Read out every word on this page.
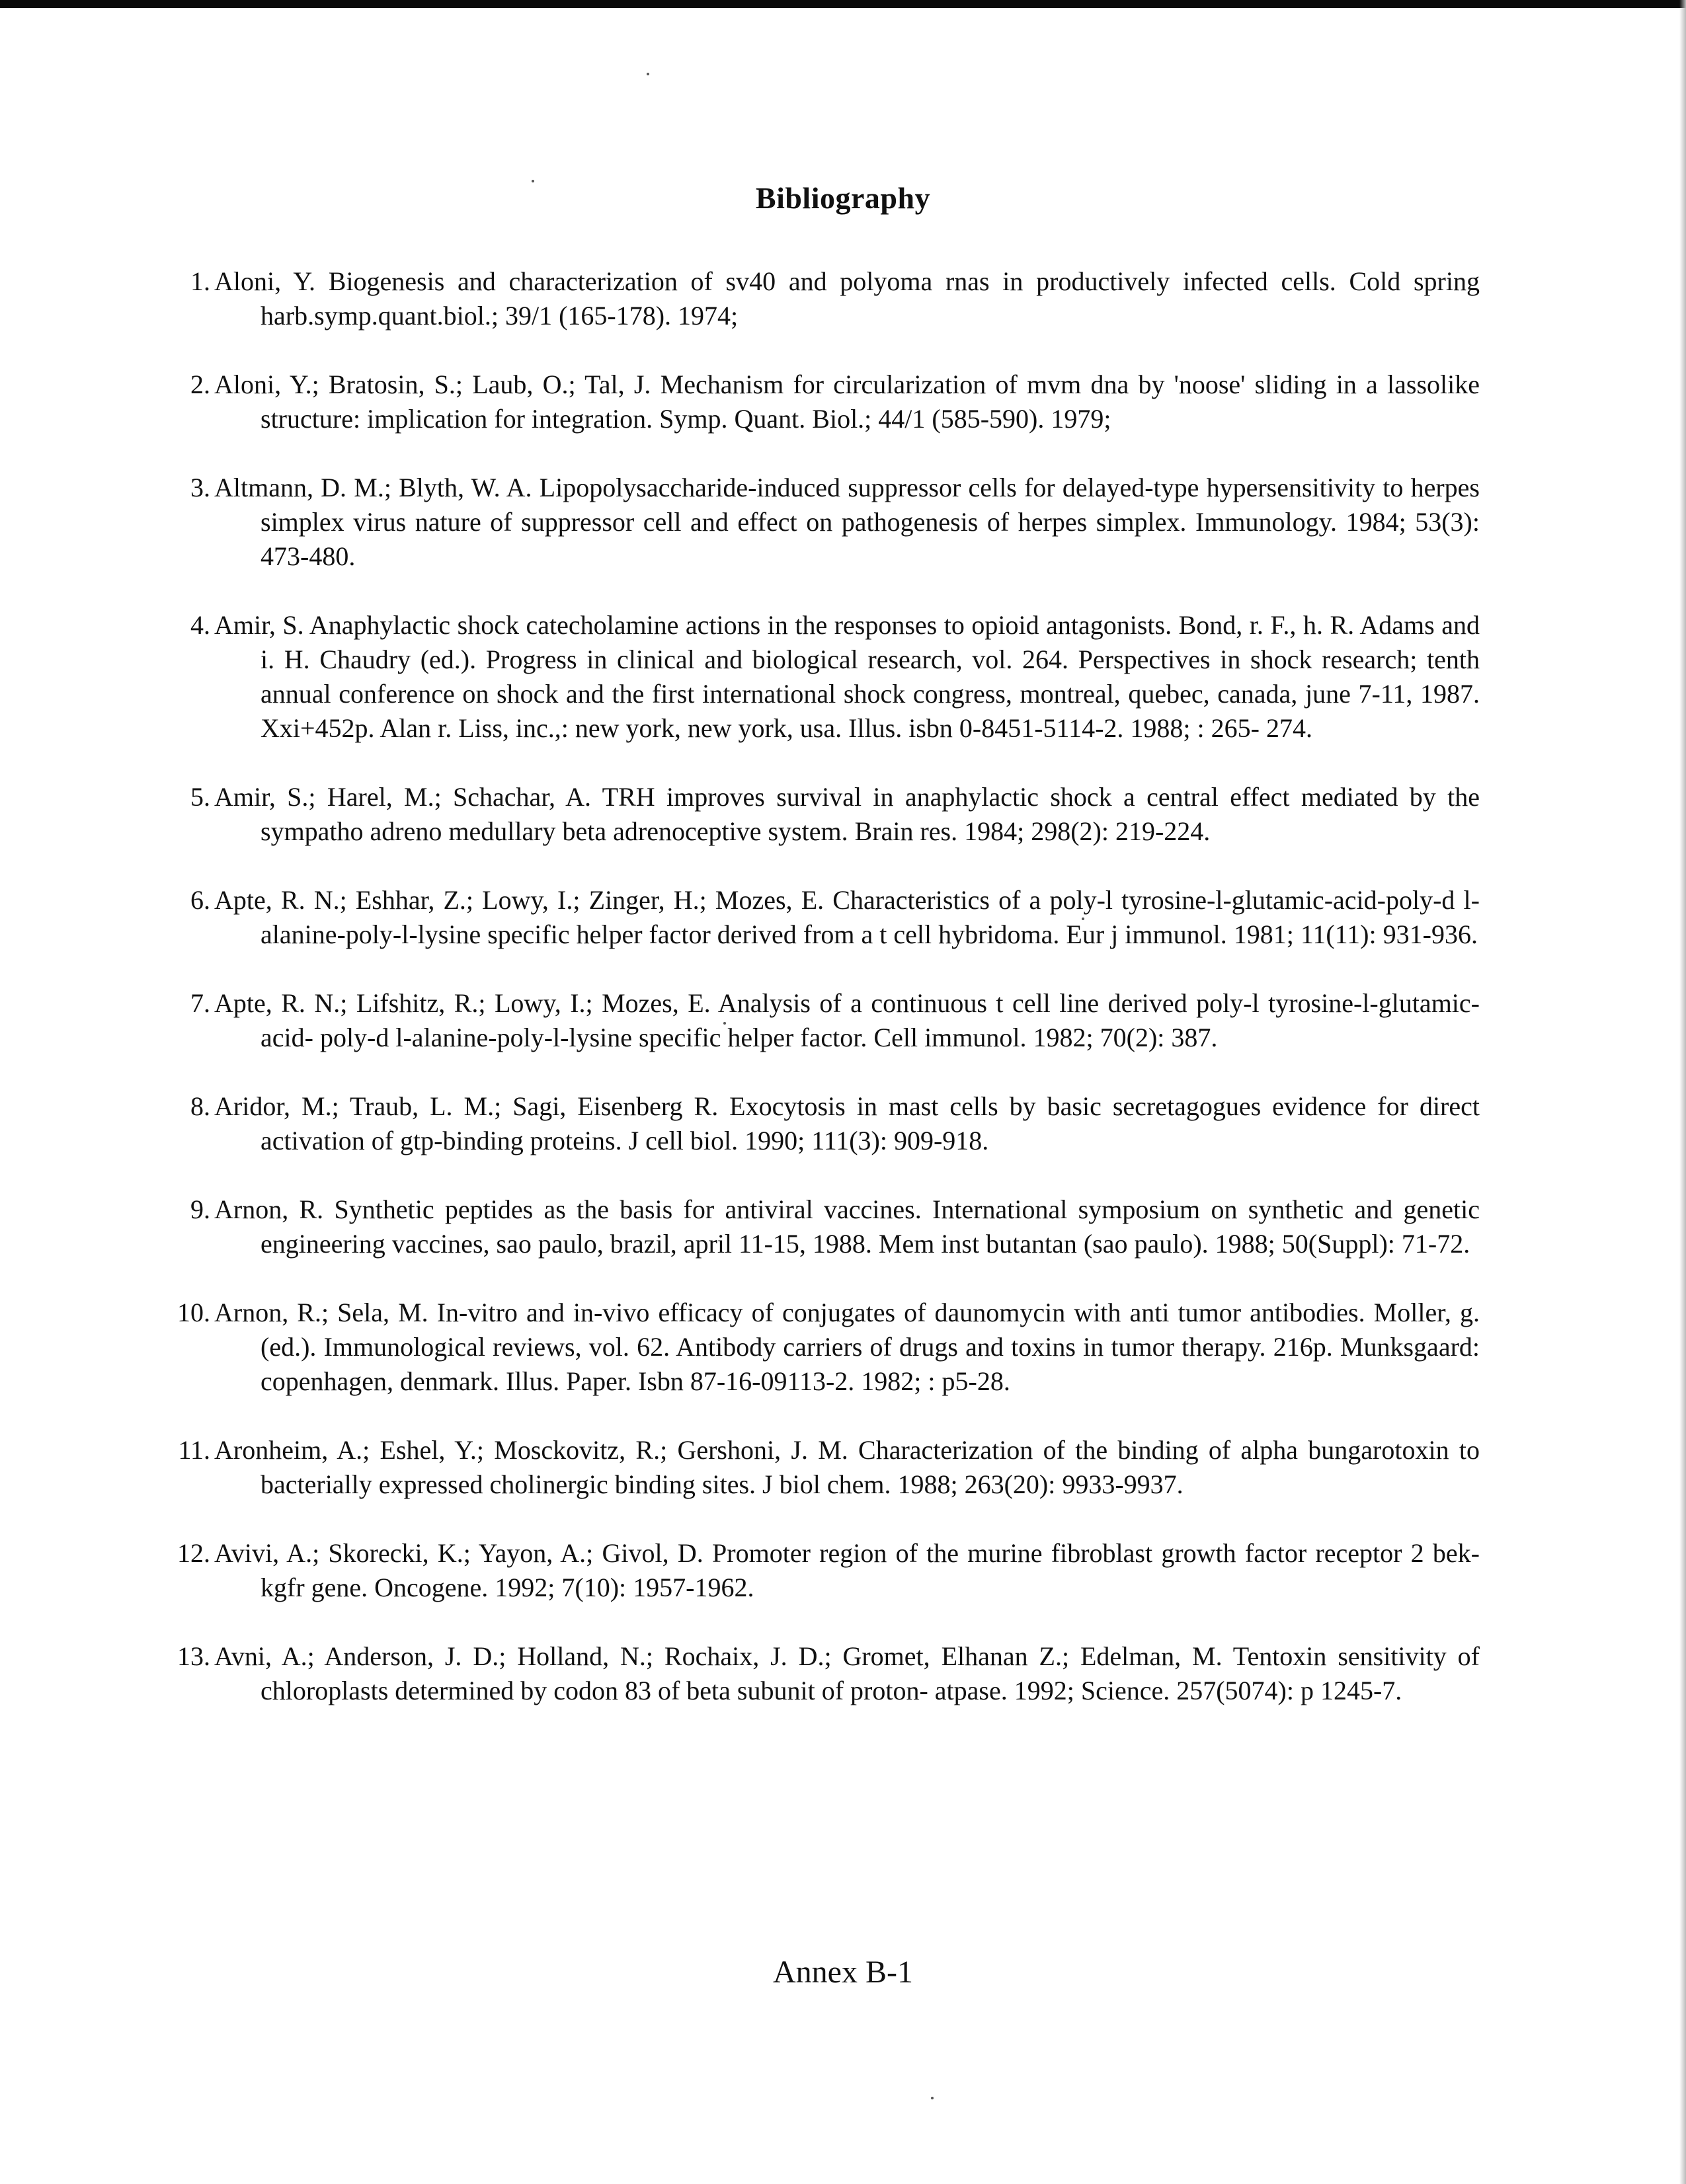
Bibliography
1. Aloni, Y. Biogenesis and characterization of sv40 and polyoma rnas in productively infected cells. Cold spring harb.symp.quant.biol.; 39/1 (165-178). 1974;
2. Aloni, Y.; Bratosin, S.; Laub, O.; Tal, J. Mechanism for circularization of mvm dna by 'noose' sliding in a lassolike structure: implication for integration. Symp. Quant. Biol.; 44/1 (585-590). 1979;
3. Altmann, D. M.; Blyth, W. A. Lipopolysaccharide-induced suppressor cells for delayed-type hypersensitivity to herpes simplex virus nature of suppressor cell and effect on pathogenesis of herpes simplex. Immunology. 1984; 53(3): 473-480.
4. Amir, S. Anaphylactic shock catecholamine actions in the responses to opioid antagonists. Bond, r. F., h. R. Adams and i. H. Chaudry (ed.). Progress in clinical and biological research, vol. 264. Perspectives in shock research; tenth annual conference on shock and the first international shock congress, montreal, quebec, canada, june 7-11, 1987. Xxi+452p. Alan r. Liss, inc.,: new york, new york, usa. Illus. isbn 0-8451-5114-2. 1988; : 265- 274.
5. Amir, S.; Harel, M.; Schachar, A. TRH improves survival in anaphylactic shock a central effect mediated by the sympatho adreno medullary beta adrenoceptive system. Brain res. 1984; 298(2): 219-224.
6. Apte, R. N.; Eshhar, Z.; Lowy, I.; Zinger, H.; Mozes, E. Characteristics of a poly-l tyrosine-l-glutamic-acid-poly-d l- alanine-poly-l-lysine specific helper factor derived from a t cell hybridoma. Eur j immunol. 1981; 11(11): 931-936.
7. Apte, R. N.; Lifshitz, R.; Lowy, I.; Mozes, E. Analysis of a continuous t cell line derived poly-l tyrosine-l-glutamic-acid- poly-d l-alanine-poly-l-lysine specific helper factor. Cell immunol. 1982; 70(2): 387.
8. Aridor, M.; Traub, L. M.; Sagi, Eisenberg R. Exocytosis in mast cells by basic secretagogues evidence for direct activation of gtp-binding proteins. J cell biol. 1990; 111(3): 909-918.
9. Arnon, R. Synthetic peptides as the basis for antiviral vaccines. International symposium on synthetic and genetic engineering vaccines, sao paulo, brazil, april 11-15, 1988. Mem inst butantan (sao paulo). 1988; 50(Suppl): 71-72.
10. Arnon, R.; Sela, M. In-vitro and in-vivo efficacy of conjugates of daunomycin with anti tumor antibodies. Moller, g. (ed.). Immunological reviews, vol. 62. Antibody carriers of drugs and toxins in tumor therapy. 216p. Munksgaard: copenhagen, denmark. Illus. Paper. Isbn 87-16-09113-2. 1982; : p5-28.
11. Aronheim, A.; Eshel, Y.; Mosckovitz, R.; Gershoni, J. M. Characterization of the binding of alpha bungarotoxin to bacterially expressed cholinergic binding sites. J biol chem. 1988; 263(20): 9933-9937.
12. Avivi, A.; Skorecki, K.; Yayon, A.; Givol, D. Promoter region of the murine fibroblast growth factor receptor 2 bek-kgfr gene. Oncogene. 1992; 7(10): 1957-1962.
13. Avni, A.; Anderson, J. D.; Holland, N.; Rochaix, J. D.; Gromet, Elhanan Z.; Edelman, M. Tentoxin sensitivity of chloroplasts determined by codon 83 of beta subunit of proton- atpase. 1992; Science. 257(5074): p 1245-7.
Annex B-1
